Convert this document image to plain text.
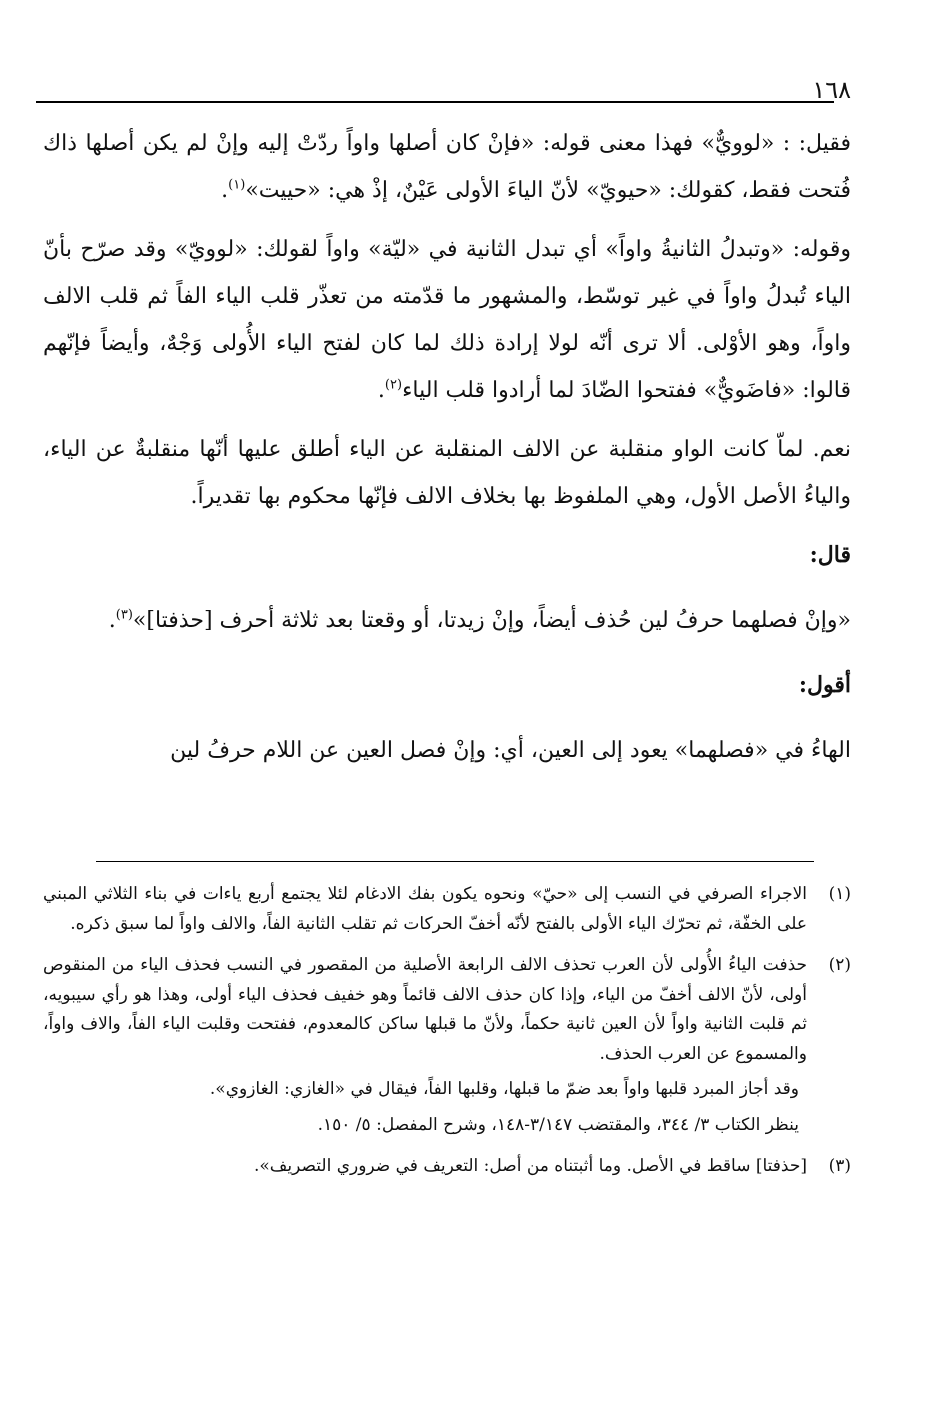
١٦٨

فقيل: : «لوويٌّ» فهذا معنى قوله: «فإنْ كان أصلها واواً ردّتْ إليه وإنْ لم يكن أصلها ذاك فُتحت فقط، كقولك: «حيويّ» لأنّ الياءَ الأولى عَيْنٌ، إذْ هي: «حييت»$^{(١)}$.

وقوله: «وتبدلُ الثانيةُ واواً» أي تبدل الثانية في «ليّة» واواً لقولك: «لوويّ» وقد صرّح بأنّ الياء تُبدلُ واواً في غير توسّط، والمشهور ما قدّمته من تعذّر قلب الياء الفاً ثم قلب الالف واواً، وهو الأوْلى. ألا ترى أنّه لولا إرادة ذلك لما كان لفتح الياء الأُولى وَجْهٌ، وأيضاً فإنّهم قالوا: «فاضَويٌّ» ففتحوا الضّادَ لما أرادوا قلب الياء$^{(٢)}$.

نعم. لماّ كانت الواو منقلبة عن الالف المنقلبة عن الياء أطلق عليها أنّها منقلبةٌ عن الياء، والياءُ الأصل الأول، وهي الملفوظ بها بخلاف الالف فإنّها محكوم بها تقديراً.

قال:

«وإنْ فصلهما حرفُ لين حُذف أيضاً، وإنْ زيدتا، أو وقعتا بعد ثلاثة أحرف [حذفتا]»$^{(٣)}$.

أقول:

الهاءُ في «فصلهما» يعود إلى العين، أي: وإنْ فصل العين عن اللام حرفُ لين

(١)

الاجراء الصرفي في النسب إلى «حيّ» ونحوه يكون بفك الادغام لئلا يجتمع أربع ياءات في بناء الثلاثي المبني على الخفّة، ثم تحرّك الياء الأولى بالفتح لأنّه أخفّ الحركات ثم تقلب الثانية الفاً، والالف واواً لما سبق ذكره.

(٢)

حذفت الياءُ الأُولى لأن العرب تحذف الالف الرابعة الأصلية من المقصور في النسب فحذف الياء من المنقوص أولى، لأنّ الالف أخفّ من الياء، وإذا كان حذف الالف قائماً وهو خفيف فحذف الياء أولى، وهذا هو رأي سيبويه، ثم قلبت الثانية واواً لأن العين ثانية حكماً، ولأنّ ما قبلها ساكن كالمعدوم، ففتحت وقلبت الياء الفاً، والاف واواً، والمسموع عن العرب الحذف.

وقد أجاز المبرد قلبها واواً بعد ضمّ ما قبلها، وقلبها الفاً، فيقال في «الغازي: الغازوي».

ينظر الكتاب ٣/ ٣٤٤، والمقتضب ٣/١٤٧-١٤٨، وشرح المفصل: ٥/ ١٥٠.

(٣)

[حذفتا] ساقط في الأصل. وما أثبتناه من أصل: التعريف في ضروري التصريف».
